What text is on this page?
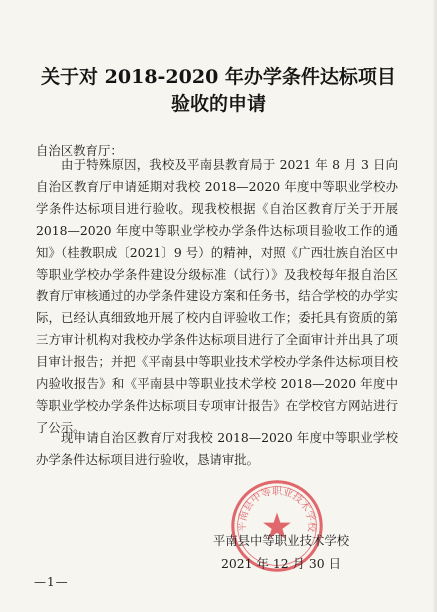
关于对 2018-2020 年办学条件达标项目
验收的申请
自治区教育厅：
由于特殊原因，我校及平南县教育局于 2021 年 8 月 3 日向自治区教育厅申请延期对我校 2018—2020 年度中等职业学校办学条件达标项目进行验收。现我校根据《自治区教育厅关于开展 2018—2020 年度中等职业学校办学条件达标项目验收工作的通知》（桂教职成〔2021〕9 号）的精神，对照《广西壮族自治区中等职业学校办学条件建设分级标准（试行）》及我校每年报自治区教育厅审核通过的办学条件建设方案和任务书，结合学校的办学实际，已经认真细致地开展了校内自评验收工作；委托具有资质的第三方审计机构对我校办学条件达标项目进行了全面审计并出具了项目审计报告；并把《平南县中等职业技术学校办学条件达标项目校内验收报告》和《平南县中等职业技术学校 2018—2020 年度中等职业学校办学条件达标项目专项审计报告》在学校官方网站进行了公示。
现申请自治区教育厅对我校 2018—2020 年度中等职业学校办学条件达标项目进行验收，恳请审批。
平南县中等职业技术学校
平南县中等职业技术学校
2021 年 12 月 30 日
—1—
